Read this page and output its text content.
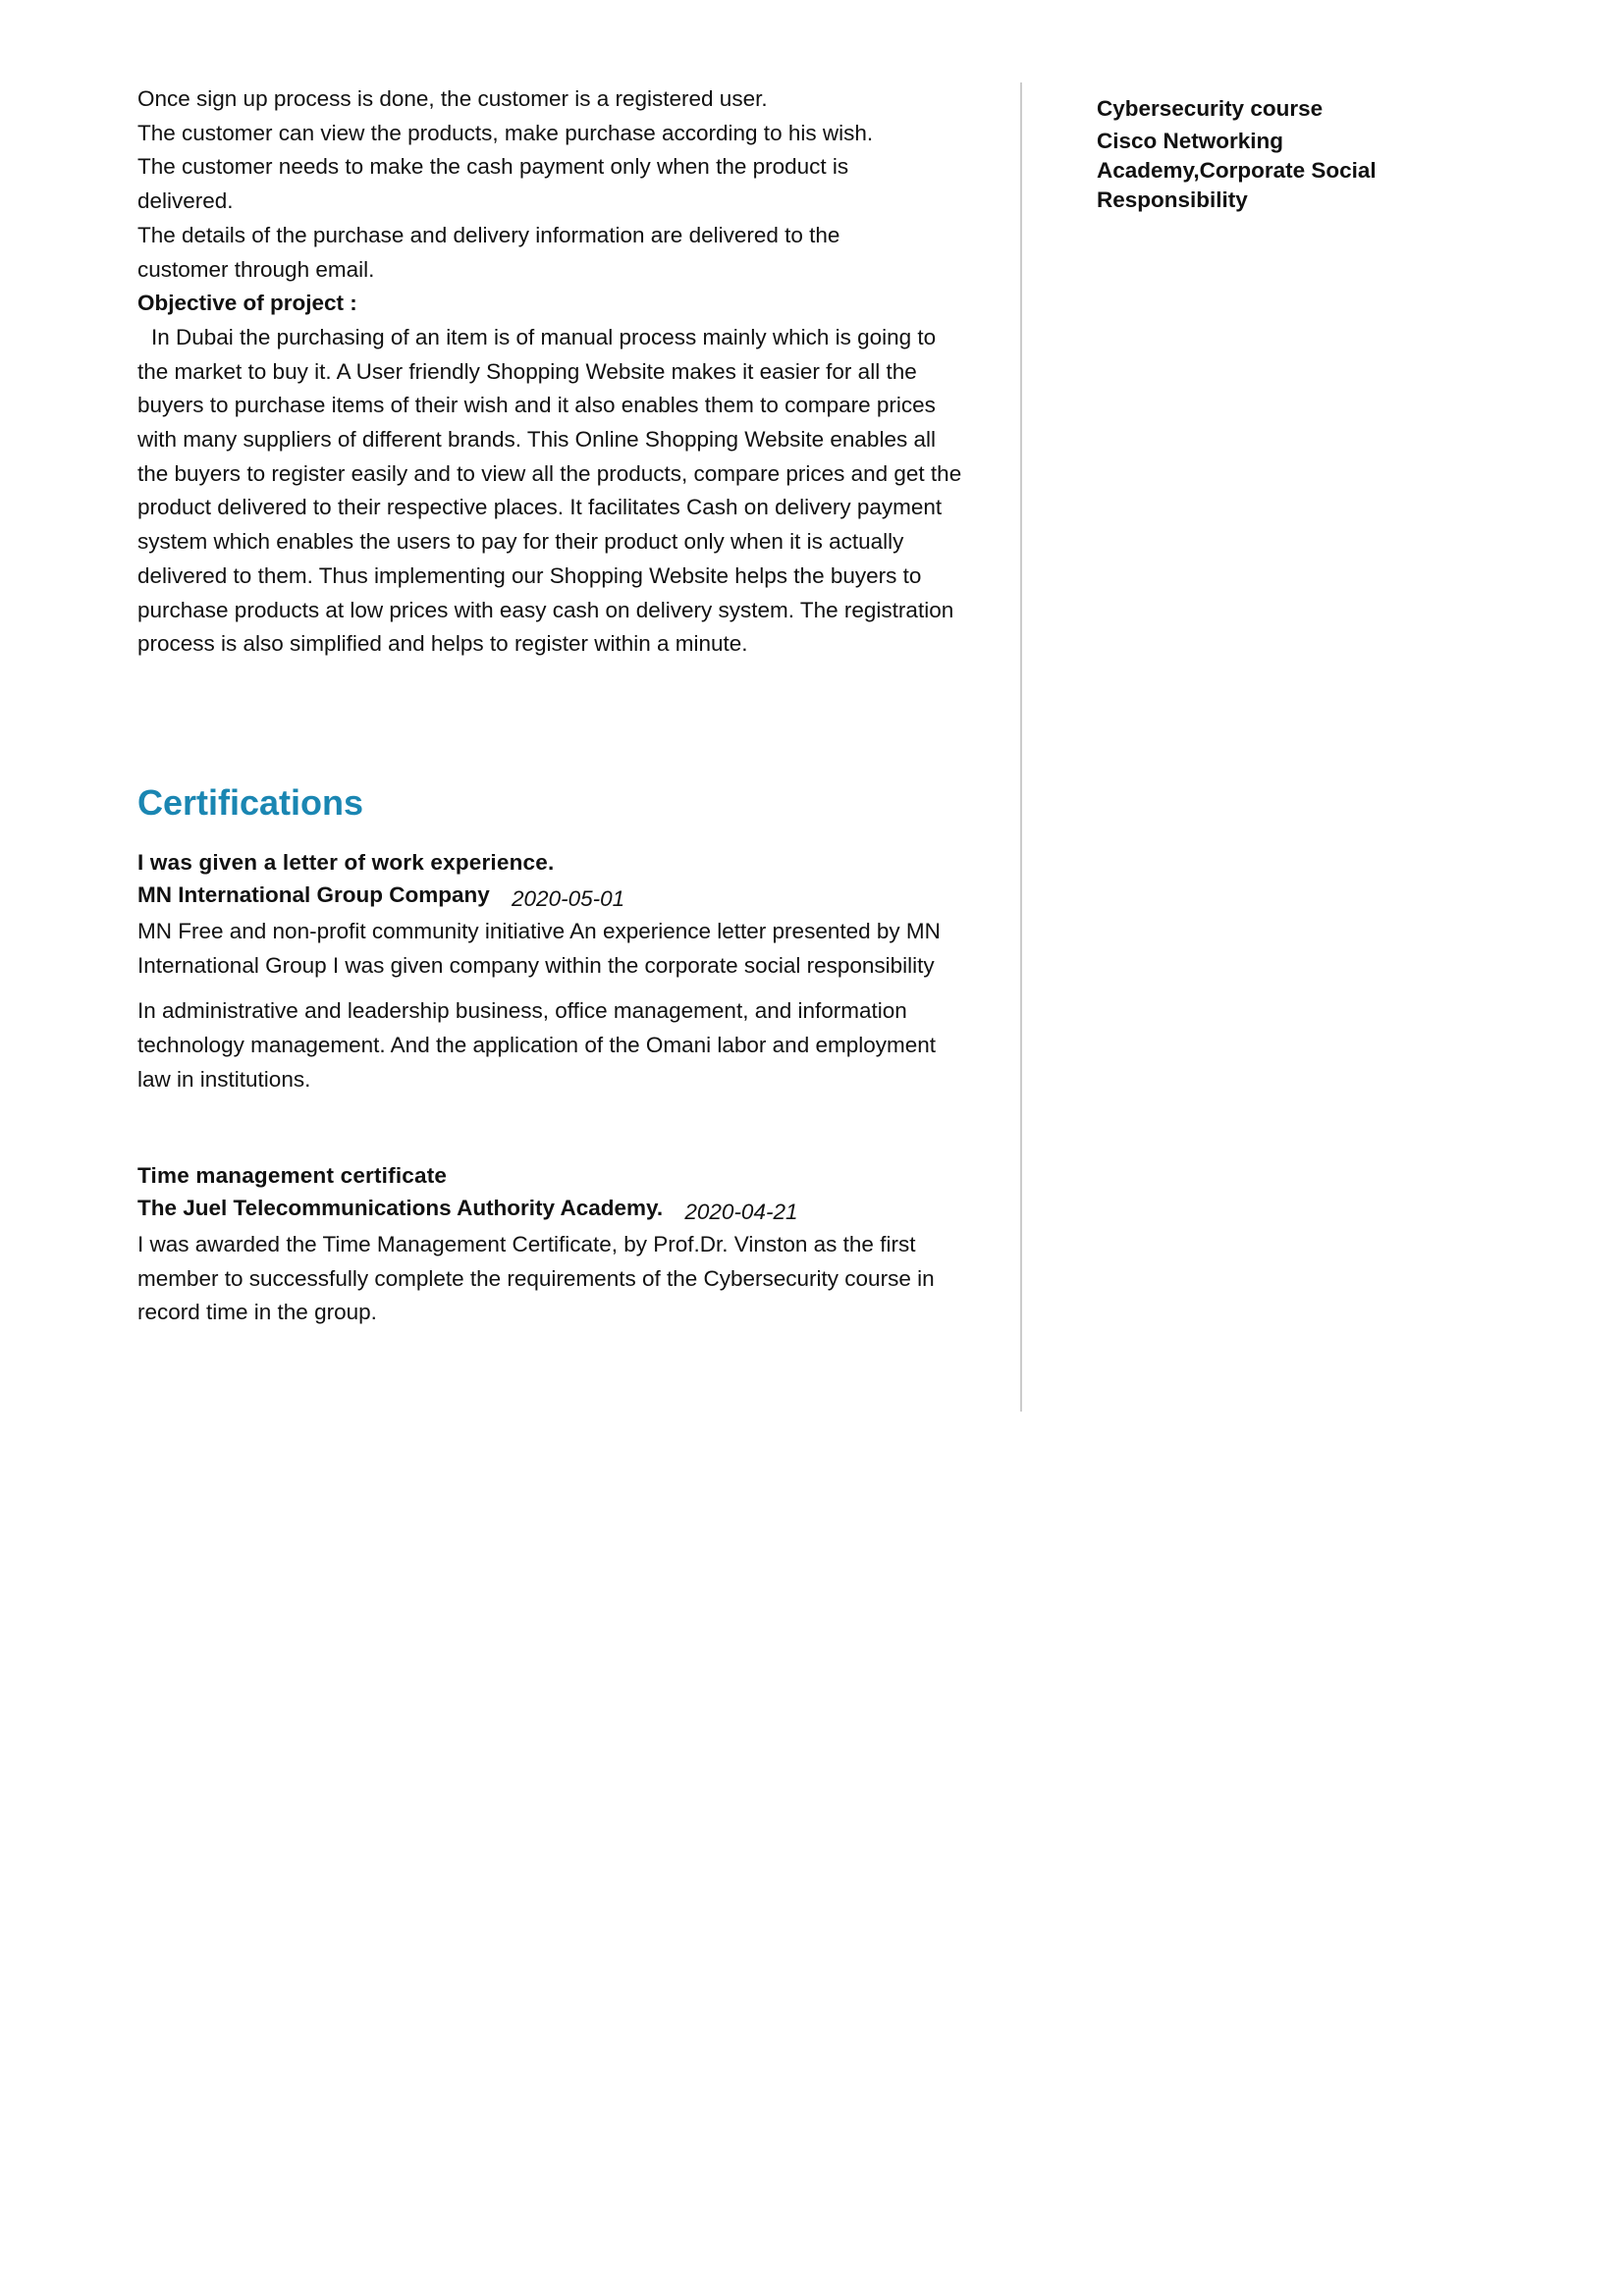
Once sign up process is done, the customer is a registered user.
The customer can view the products, make purchase according to his wish.
The customer needs to make the cash payment only when the product is delivered.
The details of the purchase and delivery information are delivered to the customer through email.

Objective of project :

In Dubai the purchasing of an item is of manual process mainly which is going to the market to buy it. A User friendly Shopping Website makes it easier for all the buyers to purchase items of their wish and it also enables them to compare prices with many suppliers of different brands. This Online Shopping Website enables all the buyers to register easily and to view all the products, compare prices and get the product delivered to their respective places. It facilitates Cash on delivery payment system which enables the users to pay for their product only when it is actually delivered to them. Thus implementing our Shopping Website helps the buyers to purchase products at low prices with easy cash on delivery system. The registration process is also simplified and helps to register within a minute.

Certifications
I was given a letter of work experience.
MN International Group Company 2020-05-01

MN Free and non-profit community initiative An experience letter presented by MN International Group I was given company within the corporate social responsibility

In administrative and leadership business, office management, and information technology management. And the application of the Omani labor and employment law in institutions.

Time management certificate
The Juel Telecommunications Authority Academy. 2020-04-21

I was awarded the Time Management Certificate, by Prof.Dr. Vinston as the first member to successfully complete the requirements of the Cybersecurity course in record time in the group.

Cybersecurity course
Cisco Networking Academy,Corporate Social Responsibility
